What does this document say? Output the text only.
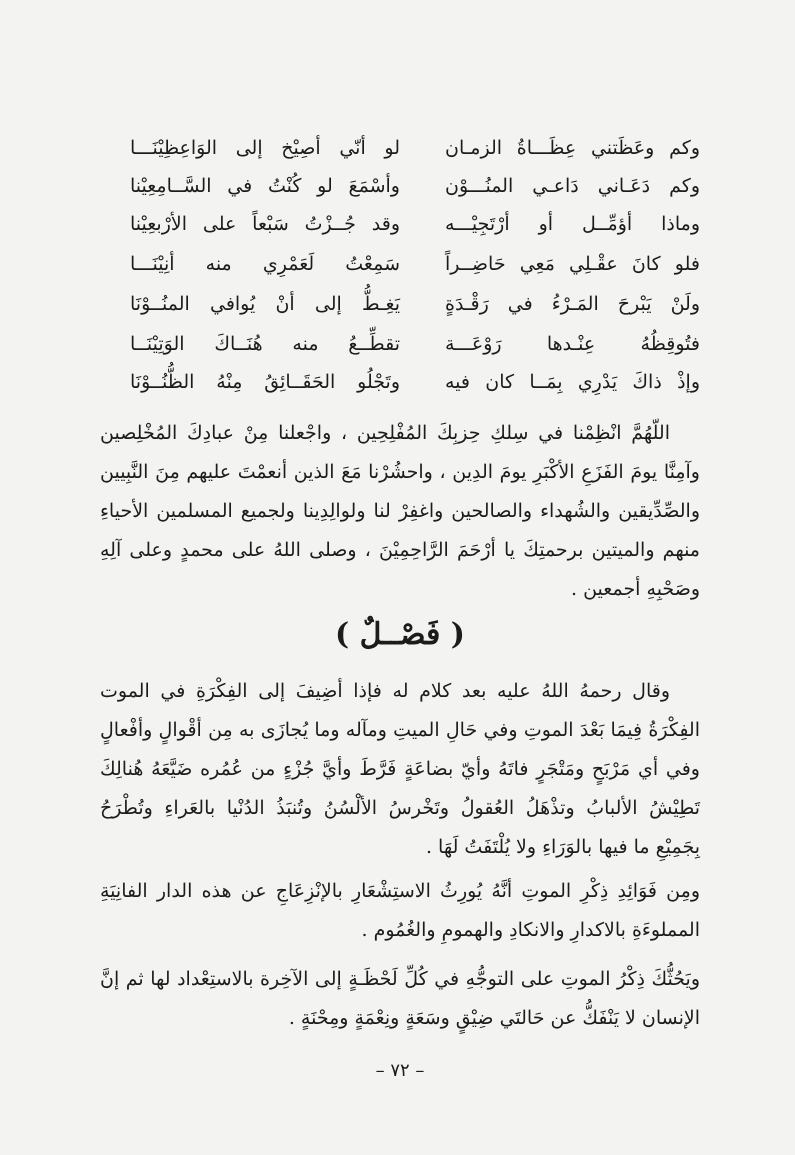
وكم وعَظَتني عِظَـــاةُ الزمـان
لو أنّي أصِيْخ إلى الوَاعِظِيْنَـــا
وكم دَعَـاني دَاعـي المنُـــوْن
وأسْمَعَ لو كُنْتُ في السَّــامِعِيْنا
وماذا أؤمِّــل أو أرْتَجِيْـــه
وقد جُــزْتُ سَبْعاً على الأرْبعِيْنا
فلو كانَ عقْـلِي مَعِي حَاضِــراً
سَمِعْتُ لَعَمْرِي منه أنِيْنَـــا
ولَنْ يَبْرحَ المَـرْءُ في رَقْـدَةٍ
يَغِـطُّ إلى أنْ يُوافي المنُــوْنَا
فتُوقِظُهُ عِنْـدها رَوْعَـــة
تقطِّــعُ منه هُنَــاكَ الوَتِيْنَــا
وإذْ ذاكَ يَدْرِي بِمَــا كان فيه
وتَجْلُو الحَقَــائِقُ مِنْهُ الظُّنُــوْنَا
اللّهُمَّ انْظِمْنا في سِلكِ حِزبِكَ المُفْلِحِين ، واجْعلنا مِنْ عبادِكَ المُخْلِصين وآمِنَّا يومَ الفَزَعِ الأكْبَرِ يومَ الدِين ، واحشُرْنا مَعَ الذين أنعمْتَ عليهم مِنَ النَّبِيين والصِّدِّيقين والشُهداء والصالحين واغفِرْ لنا ولوالِدِينا ولجميع المسلمين الأحياءِ منهم والميتين برحمتِكَ يا أرْحَمَ الرَّاحِمِيْنَ ، وصلى اللهُ على محمدٍ وعلى آلِهِ وصَحْبِهِ أجمعين .
( فَصْــلٌ )
وقال رحمهُ اللهُ عليه بعد كلام له فإذا أضِيفَ إلى الفِكْرَةِ في الموت الفِكْرَةُ فِيمَا بَعْدَ الموتِ وفي حَالِ الميتِ ومآله وما يُجازَى به مِن أقْوالٍ وأفْعالٍ وفي أي مَرْبَحٍ ومَتْجَرٍ فاتَهُ وأيّ بضاعَةٍ فَرَّطَ وأيَّ جُزْءٍ من عُمُره ضَيَّعَهُ هُنالِكَ تَطِيْشُ الألبابُ وتذْهَلُ العُقولُ وتَخْرسُ الألْسُنُ وتُنبَذُ الدُنْيا بالعَراءِ وتُطْرَحُ بِجَمِيْعِ ما فيها بالوَرَاءِ ولا يُلْتَفَتُ لَهَا .
ومِن فَوَائِدِ ذِكْرِ الموتِ أنَّهُ يُورِثُ الاستِشْعَارِ بالإنْزِعَاجِ عن هذه الدار الفانِيَةِ المملوءَةِ بالاكدارِ والانكادِ والهمومِ والغُمُوم .
ويَحُثُّكَ ذِكْرُ الموتِ على التوجُّهِ في كُلِّ لَحْظَـةٍ إلى الآخِرة بالاستِعْداد لها ثم إنَّ الإنسان لا يَنْفَكُّ عن حَالتَي ضِيْقٍ وسَعَةٍ ونِعْمَةٍ ومِحْنَةٍ .
– ٧٢ –
